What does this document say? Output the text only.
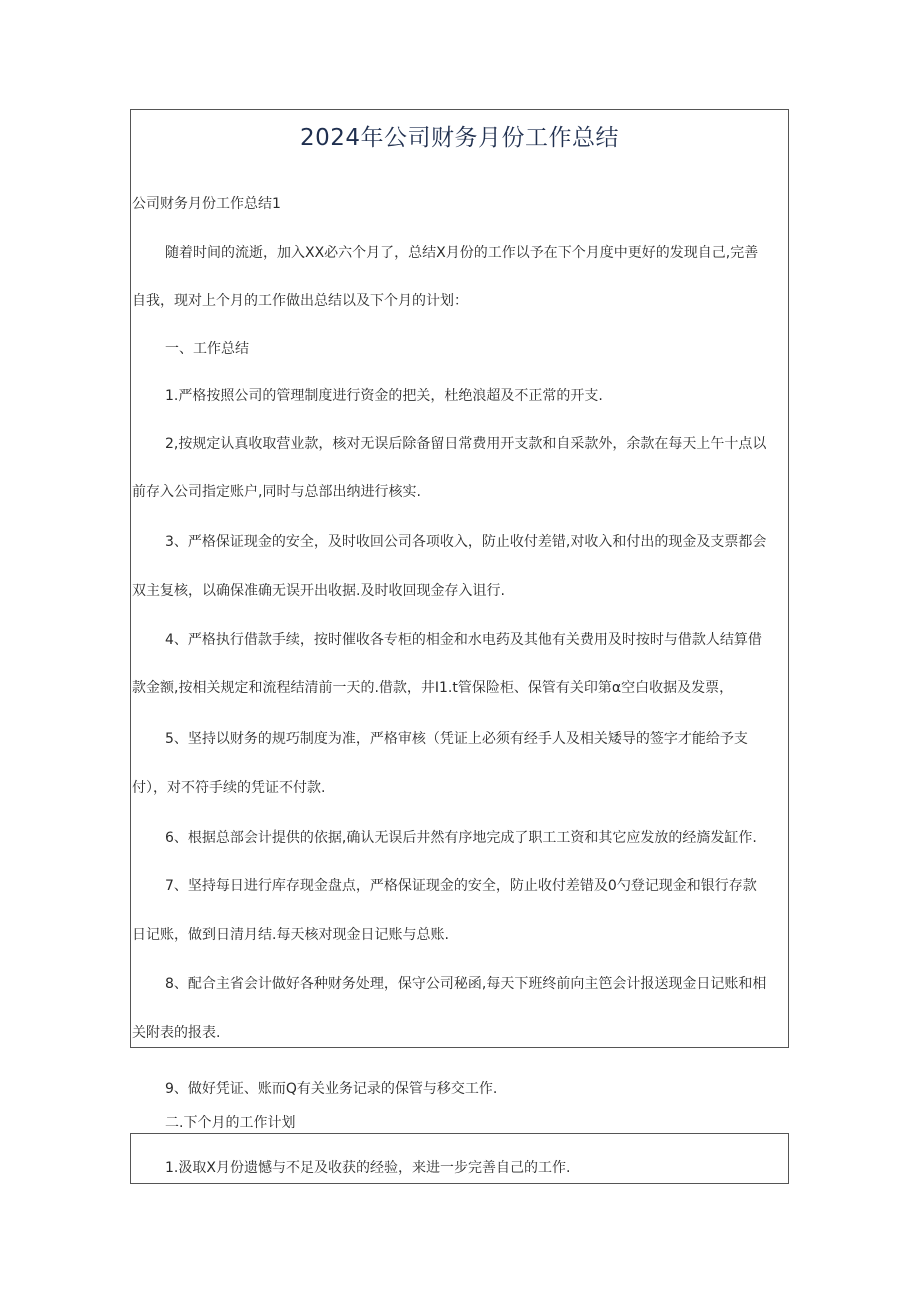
2024年公司财务月份工作总结

公司财务月份工作总结1

随着时间的流逝，加入XX必六个月了，总结X月份的工作以予在下个月度中更好的发现自己,完善

自我，现对上个月的工作做出总结以及下个月的计划：

一、工作总结

1.严格按照公司的管理制度进行资金的把关，杜绝浪超及不正常的开支.

2,按规定认真收取营业款，核对无误后除备留日常费用开支款和自采款外，余款在每天上午十点以

前存入公司指定账户,同时与总部出纳进行核实.

3、严格保证现金的安全，及时收回公司各项收入，防止收付差错,对收入和付出的现金及支票都会

双主复核，以确保准确无误开出收据.及时收回现金存入诅行.

4、严格执行借款手续，按时催收各专柜的相金和水电药及其他有关费用及时按时与借款人结算借

款金额,按相关规定和流程结清前一天的.借款，井I1.t管保险柜、保管有关印第α空白收据及发票，

5、坚持以财务的规巧制度为准，严格审核（凭证上必须有经手人及相关矮导的签字才能给予支

付），对不符手续的凭证不付款.

6、根据总部会计提供的依据,确认无误后井然有序地完成了职工工资和其它应发放的经旖发缸作.

7、坚持每日进行库存现金盘点，严格保证现金的安全，防止收付差错及0勺登记现金和银行存款

日记账，做到日清月结.每天核对现金日记账与总账.

8、配合主省会计做好各种财务处理，保守公司秘函,每天下班终前向主笆会计报送现金日记账和相

关附表的报表.

9、做好凭证、账而Q有关业务记录的保管与移交工作.

二.下个月的工作计划

1.汲取X月份遗憾与不足及收获的经验，来进一步完善自己的工作.
